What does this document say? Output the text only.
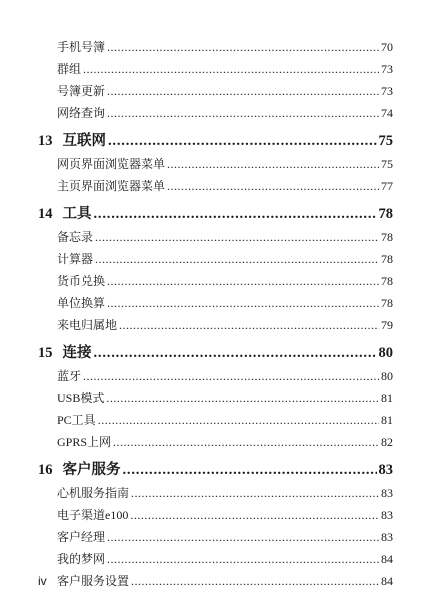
手机号簿 .....	70
群组 .....	73
号簿更新 .....	73
网络查询 .....	74
13 互联网 .....	75
网页界面浏览器菜单 .....	75
主页界面浏览器菜单 .....	77
14 工具 .....	78
备忘录 .....	78
计算器 .....	78
货币兑换 .....	78
单位换算 .....	78
来电归属地 .....	79
15 连接 .....	80
蓝牙 .....	80
USB模式 .....	81
PC工具 .....	81
GPRS上网 .....	82
16 客户服务 .....	83
心机服务指南 .....	83
电子渠道e100 .....	83
客户经理 .....	83
我的梦网 .....	84
客户服务设置 .....	84
iv
